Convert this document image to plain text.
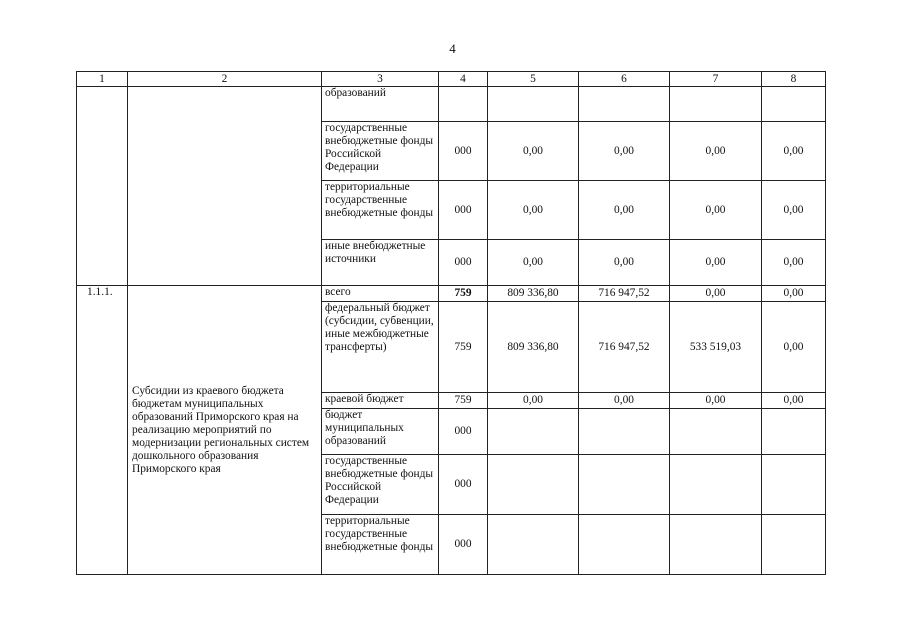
4
1	2	3	4	5	6	7	8
		образований					
		государственные внебюджетные фонды Российской Федерации	000	0,00	0,00	0,00	0,00
		территориальные государственные внебюджетные фонды	000	0,00	0,00	0,00	0,00
		иные внебюджетные источники	000	0,00	0,00	0,00	0,00
1.1.1.	Субсидии из краевого бюджета бюджетам муниципальных образований Приморского края на реализацию мероприятий по модернизации региональных систем дошкольного образования Приморского края	всего	759	809 336,80	716 947,52	0,00	0,00
		федеральный бюджет (субсидии, субвенции, иные межбюджетные трансферты)	759	809 336,80	716 947,52	533 519,03	0,00
		краевой бюджет	759	0,00	0,00	0,00	0,00
		бюджет муниципальных образований	000				
		государственные внебюджетные фонды Российской Федерации	000				
		территориальные государственные внебюджетные фонды	000				
